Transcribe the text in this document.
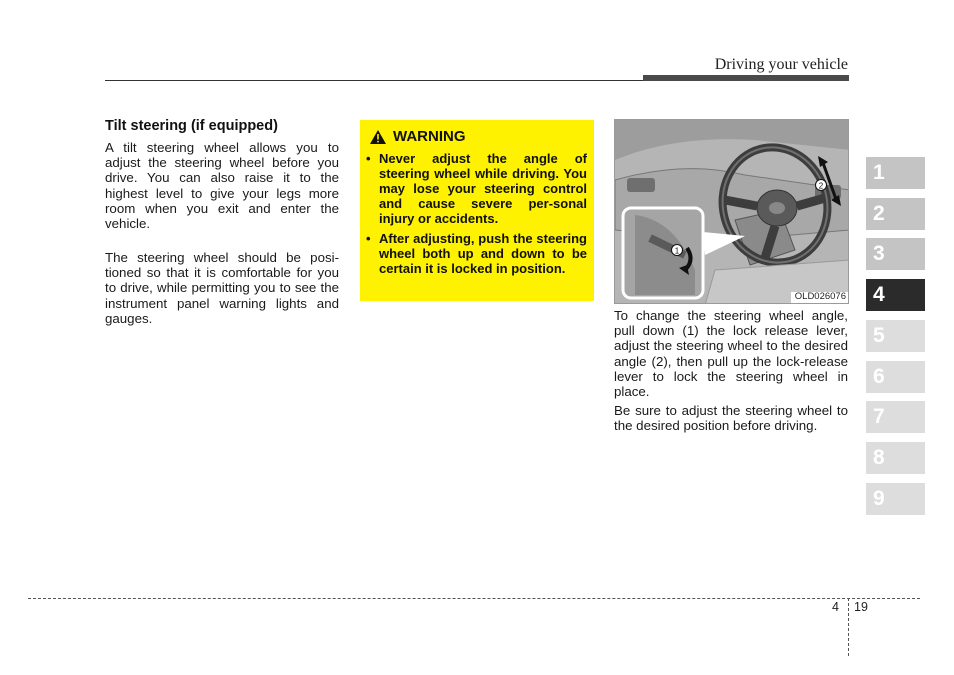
Driving your vehicle
Tilt steering (if equipped)
A tilt steering wheel allows you to adjust the steering wheel before you drive. You can also raise it to the highest level to give your legs more room when you exit and enter the vehicle.
The steering wheel should be posi-tioned so that it is comfortable for you to drive, while permitting you to see the instrument panel warning lights and gauges.
WARNING
• Never adjust the angle of steering wheel while driving. You may lose your steering control and cause severe per-sonal injury or accidents.
• After adjusting, push the steering wheel both up and down to be certain it is locked in position.
2
1
OLD026076
To change the steering wheel angle, pull down (1) the lock release lever, adjust the steering wheel to the desired angle (2), then pull up the lock-release lever to lock the steering wheel in place.
Be sure to adjust the steering wheel to the desired position before driving.
1
2
3
4
5
6
7
8
9
4 19
